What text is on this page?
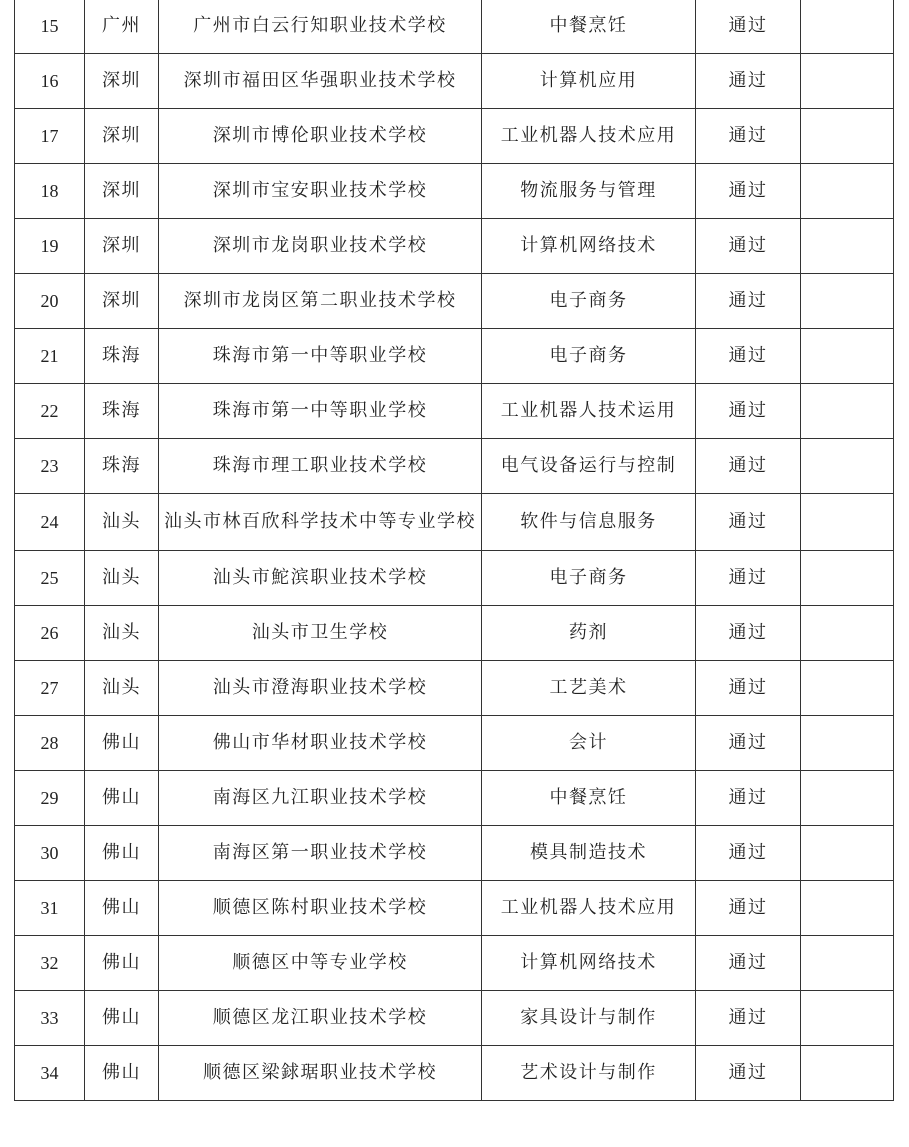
15	广州	广州市白云行知职业技术学校	中餐烹饪	通过	
16	深圳	深圳市福田区华强职业技术学校	计算机应用	通过	
17	深圳	深圳市博伦职业技术学校	工业机器人技术应用	通过	
18	深圳	深圳市宝安职业技术学校	物流服务与管理	通过	
19	深圳	深圳市龙岗职业技术学校	计算机网络技术	通过	
20	深圳	深圳市龙岗区第二职业技术学校	电子商务	通过	
21	珠海	珠海市第一中等职业学校	电子商务	通过	
22	珠海	珠海市第一中等职业学校	工业机器人技术运用	通过	
23	珠海	珠海市理工职业技术学校	电气设备运行与控制	通过	
24	汕头	汕头市林百欣科学技术中等专业学校	软件与信息服务	通过	
25	汕头	汕头市鮀滨职业技术学校	电子商务	通过	
26	汕头	汕头市卫生学校	药剂	通过	
27	汕头	汕头市澄海职业技术学校	工艺美术	通过	
28	佛山	佛山市华材职业技术学校	会计	通过	
29	佛山	南海区九江职业技术学校	中餐烹饪	通过	
30	佛山	南海区第一职业技术学校	模具制造技术	通过	
31	佛山	顺德区陈村职业技术学校	工业机器人技术应用	通过	
32	佛山	顺德区中等专业学校	计算机网络技术	通过	
33	佛山	顺德区龙江职业技术学校	家具设计与制作	通过	
34	佛山	顺德区梁銶琚职业技术学校	艺术设计与制作	通过	
